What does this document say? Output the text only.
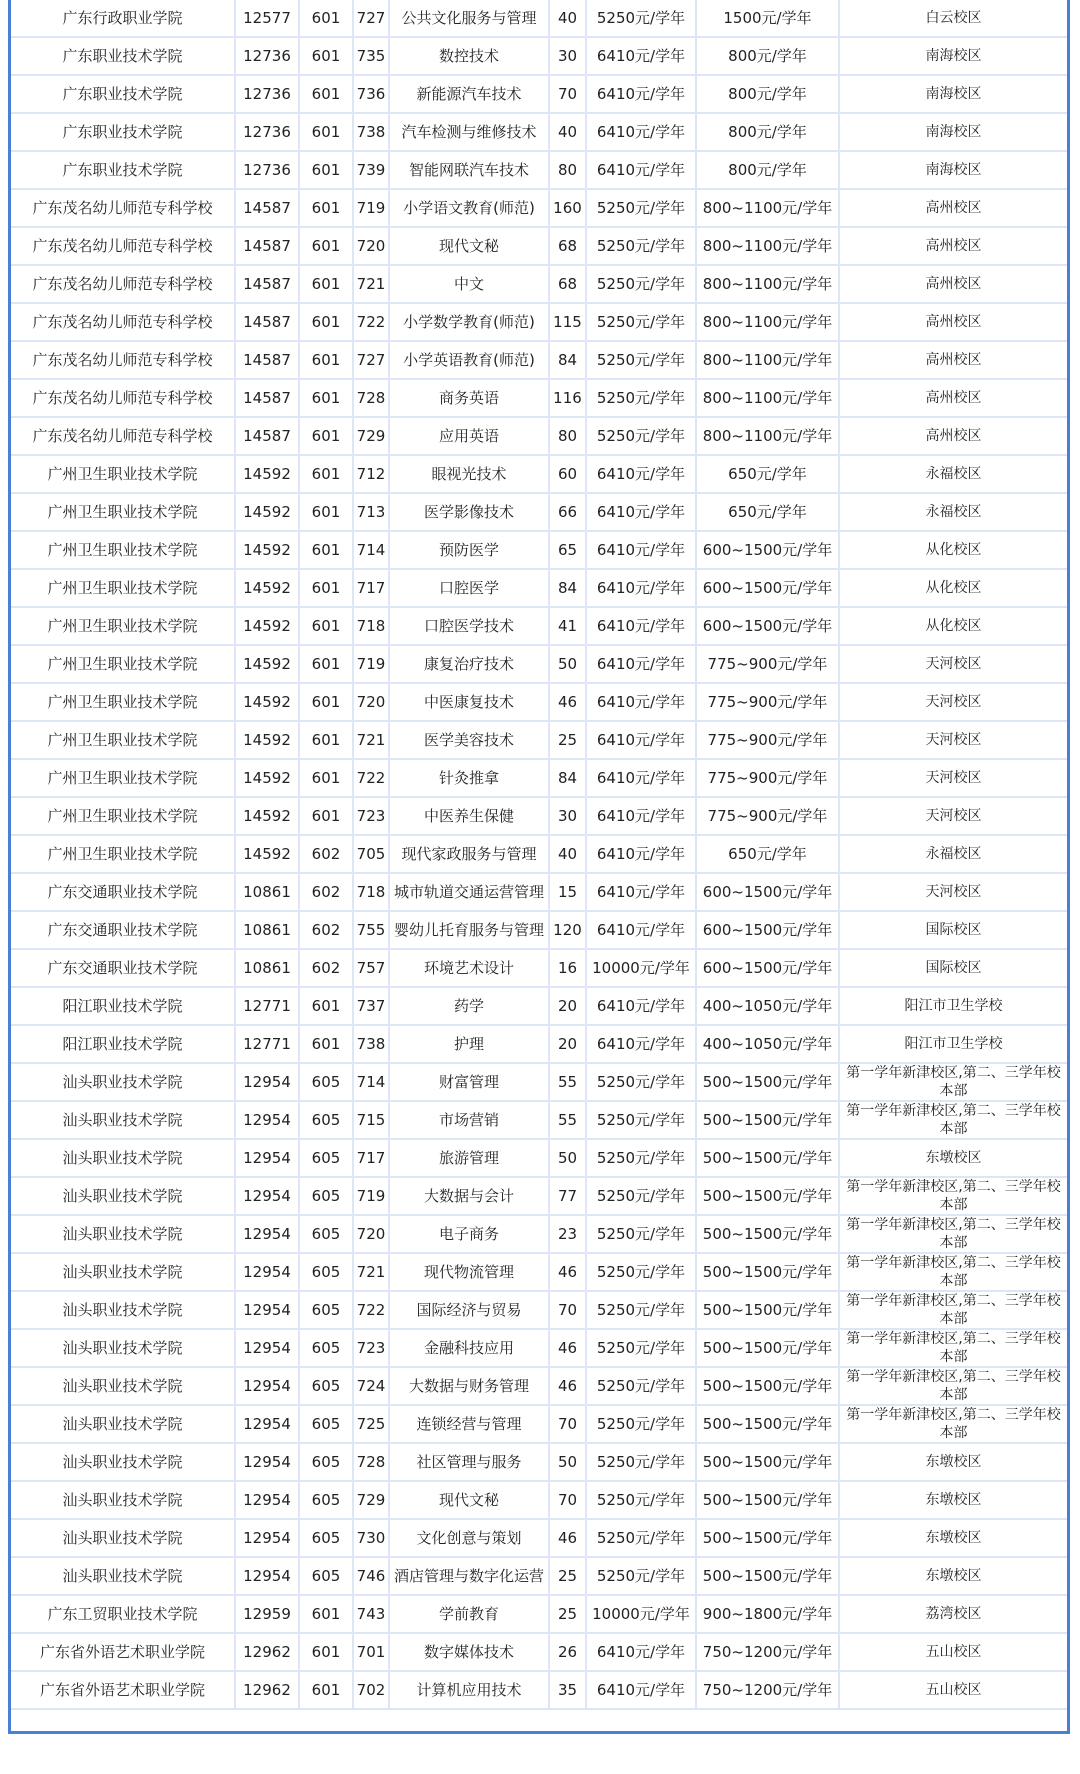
广东行政职业学院	12577	601	727	公共文化服务与管理	40	5250元/学年	1500元/学年	白云校区
广东职业技术学院	12736	601	735	数控技术	30	6410元/学年	800元/学年	南海校区
广东职业技术学院	12736	601	736	新能源汽车技术	70	6410元/学年	800元/学年	南海校区
广东职业技术学院	12736	601	738	汽车检测与维修技术	40	6410元/学年	800元/学年	南海校区
广东职业技术学院	12736	601	739	智能网联汽车技术	80	6410元/学年	800元/学年	南海校区
广东茂名幼儿师范专科学校	14587	601	719	小学语文教育(师范)	160	5250元/学年	800~1100元/学年	高州校区
广东茂名幼儿师范专科学校	14587	601	720	现代文秘	68	5250元/学年	800~1100元/学年	高州校区
广东茂名幼儿师范专科学校	14587	601	721	中文	68	5250元/学年	800~1100元/学年	高州校区
广东茂名幼儿师范专科学校	14587	601	722	小学数学教育(师范)	115	5250元/学年	800~1100元/学年	高州校区
广东茂名幼儿师范专科学校	14587	601	727	小学英语教育(师范)	84	5250元/学年	800~1100元/学年	高州校区
广东茂名幼儿师范专科学校	14587	601	728	商务英语	116	5250元/学年	800~1100元/学年	高州校区
广东茂名幼儿师范专科学校	14587	601	729	应用英语	80	5250元/学年	800~1100元/学年	高州校区
广州卫生职业技术学院	14592	601	712	眼视光技术	60	6410元/学年	650元/学年	永福校区
广州卫生职业技术学院	14592	601	713	医学影像技术	66	6410元/学年	650元/学年	永福校区
广州卫生职业技术学院	14592	601	714	预防医学	65	6410元/学年	600~1500元/学年	从化校区
广州卫生职业技术学院	14592	601	717	口腔医学	84	6410元/学年	600~1500元/学年	从化校区
广州卫生职业技术学院	14592	601	718	口腔医学技术	41	6410元/学年	600~1500元/学年	从化校区
广州卫生职业技术学院	14592	601	719	康复治疗技术	50	6410元/学年	775~900元/学年	天河校区
广州卫生职业技术学院	14592	601	720	中医康复技术	46	6410元/学年	775~900元/学年	天河校区
广州卫生职业技术学院	14592	601	721	医学美容技术	25	6410元/学年	775~900元/学年	天河校区
广州卫生职业技术学院	14592	601	722	针灸推拿	84	6410元/学年	775~900元/学年	天河校区
广州卫生职业技术学院	14592	601	723	中医养生保健	30	6410元/学年	775~900元/学年	天河校区
广州卫生职业技术学院	14592	602	705	现代家政服务与管理	40	6410元/学年	650元/学年	永福校区
广东交通职业技术学院	10861	602	718	城市轨道交通运营管理	15	6410元/学年	600~1500元/学年	天河校区
广东交通职业技术学院	10861	602	755	婴幼儿托育服务与管理	120	6410元/学年	600~1500元/学年	国际校区
广东交通职业技术学院	10861	602	757	环境艺术设计	16	10000元/学年	600~1500元/学年	国际校区
阳江职业技术学院	12771	601	737	药学	20	6410元/学年	400~1050元/学年	阳江市卫生学校
阳江职业技术学院	12771	601	738	护理	20	6410元/学年	400~1050元/学年	阳江市卫生学校
汕头职业技术学院	12954	605	714	财富管理	55	5250元/学年	500~1500元/学年	第一学年新津校区,第二、三学年校本部
汕头职业技术学院	12954	605	715	市场营销	55	5250元/学年	500~1500元/学年	第一学年新津校区,第二、三学年校本部
汕头职业技术学院	12954	605	717	旅游管理	50	5250元/学年	500~1500元/学年	东墩校区
汕头职业技术学院	12954	605	719	大数据与会计	77	5250元/学年	500~1500元/学年	第一学年新津校区,第二、三学年校本部
汕头职业技术学院	12954	605	720	电子商务	23	5250元/学年	500~1500元/学年	第一学年新津校区,第二、三学年校本部
汕头职业技术学院	12954	605	721	现代物流管理	46	5250元/学年	500~1500元/学年	第一学年新津校区,第二、三学年校本部
汕头职业技术学院	12954	605	722	国际经济与贸易	70	5250元/学年	500~1500元/学年	第一学年新津校区,第二、三学年校本部
汕头职业技术学院	12954	605	723	金融科技应用	46	5250元/学年	500~1500元/学年	第一学年新津校区,第二、三学年校本部
汕头职业技术学院	12954	605	724	大数据与财务管理	46	5250元/学年	500~1500元/学年	第一学年新津校区,第二、三学年校本部
汕头职业技术学院	12954	605	725	连锁经营与管理	70	5250元/学年	500~1500元/学年	第一学年新津校区,第二、三学年校本部
汕头职业技术学院	12954	605	728	社区管理与服务	50	5250元/学年	500~1500元/学年	东墩校区
汕头职业技术学院	12954	605	729	现代文秘	70	5250元/学年	500~1500元/学年	东墩校区
汕头职业技术学院	12954	605	730	文化创意与策划	46	5250元/学年	500~1500元/学年	东墩校区
汕头职业技术学院	12954	605	746	酒店管理与数字化运营	25	5250元/学年	500~1500元/学年	东墩校区
广东工贸职业技术学院	12959	601	743	学前教育	25	10000元/学年	900~1800元/学年	荔湾校区
广东省外语艺术职业学院	12962	601	701	数字媒体技术	26	6410元/学年	750~1200元/学年	五山校区
广东省外语艺术职业学院	12962	601	702	计算机应用技术	35	6410元/学年	750~1200元/学年	五山校区
